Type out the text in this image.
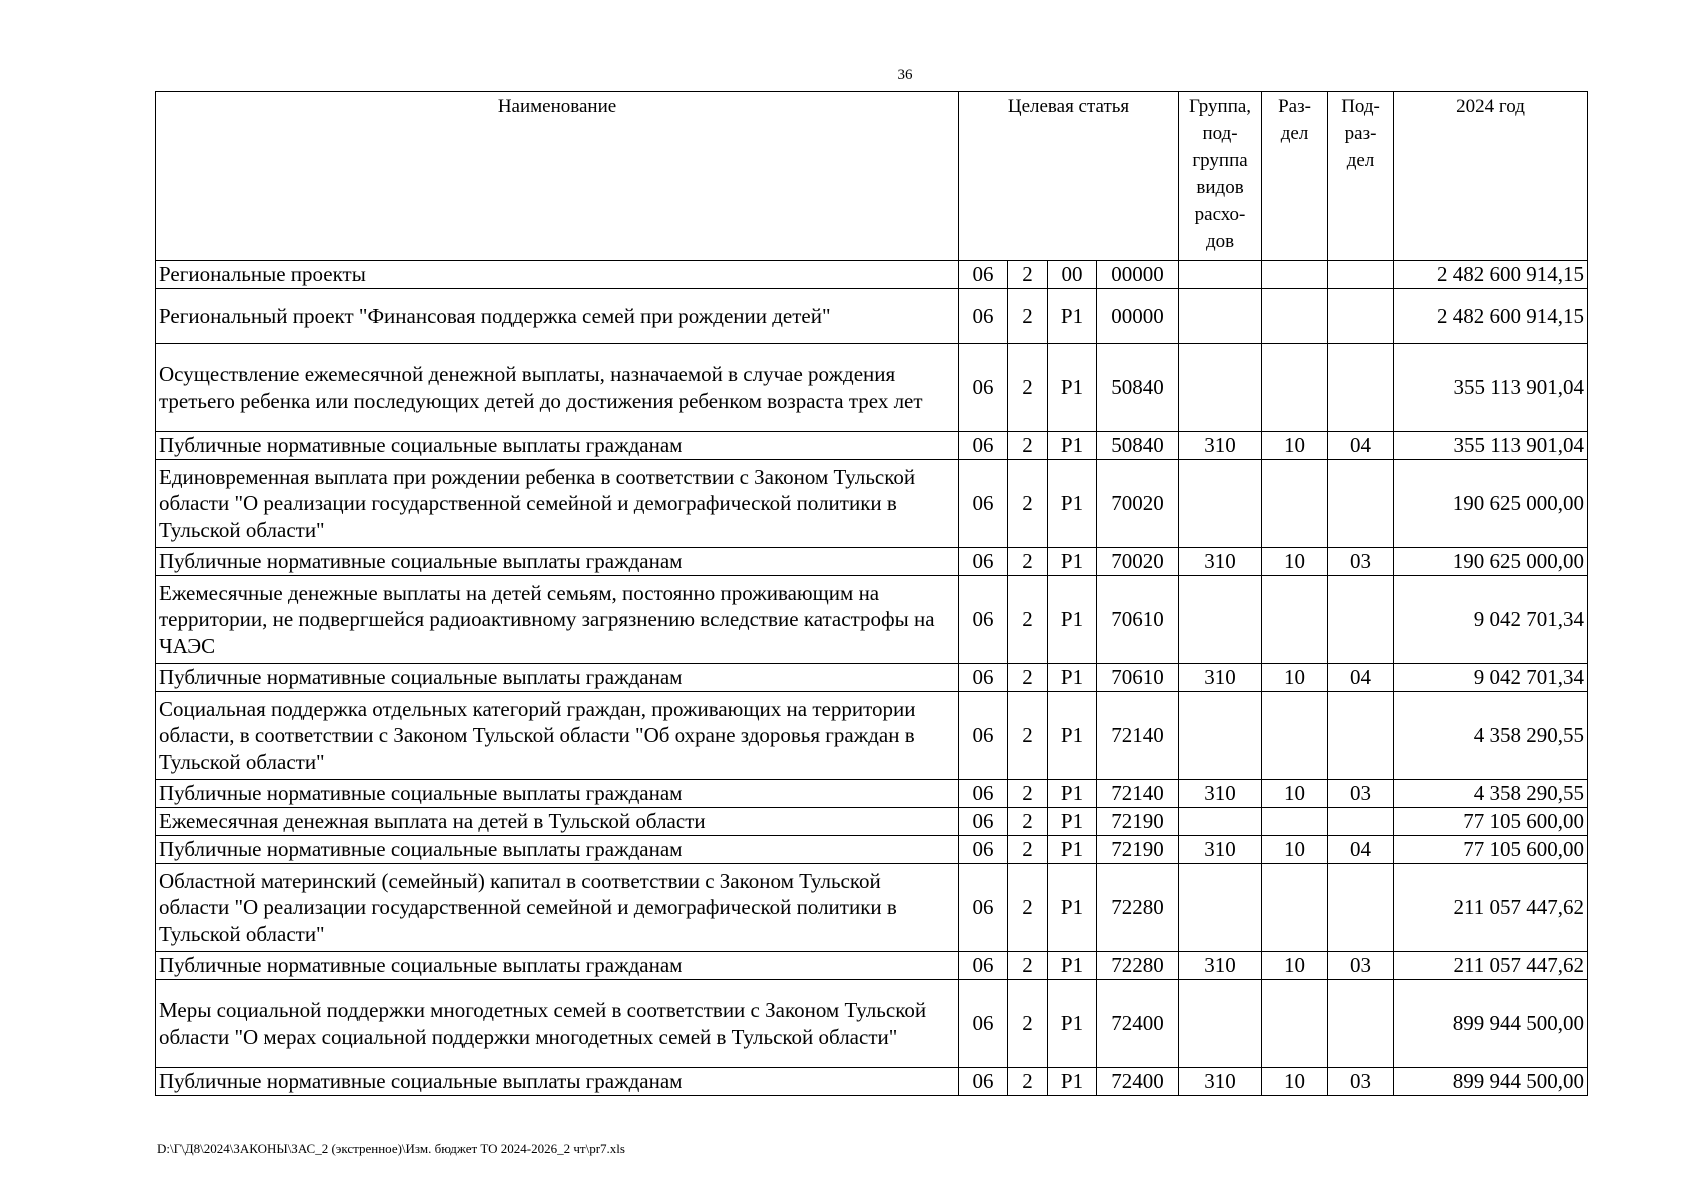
36
Наименование	Целевая статья				Группа, под- группа видов расхо- дов	Раз- дел	Под- раз- дел	2024 год
Региональные проекты	06	2	00	00000				2 482 600 914,15
Региональный проект "Финансовая поддержка семей при рождении детей"	06	2	Р1	00000				2 482 600 914,15
Осуществление ежемесячной денежной выплаты, назначаемой в случае рождения третьего ребенка или последующих детей до достижения ребенком возраста трех лет	06	2	Р1	50840				355 113 901,04
Публичные нормативные социальные выплаты гражданам	06	2	Р1	50840	310	10	04	355 113 901,04
Единовременная выплата при рождении ребенка в соответствии с Законом Тульской области "О реализации государственной семейной и демографической политики в Тульской области"	06	2	Р1	70020				190 625 000,00
Публичные нормативные социальные выплаты гражданам	06	2	Р1	70020	310	10	03	190 625 000,00
Ежемесячные денежные выплаты на детей семьям, постоянно проживающим на территории, не подвергшейся радиоактивному загрязнению вследствие катастрофы на ЧАЭС	06	2	Р1	70610				9 042 701,34
Публичные нормативные социальные выплаты гражданам	06	2	Р1	70610	310	10	04	9 042 701,34
Социальная поддержка отдельных категорий граждан, проживающих на территории области, в соответствии с Законом Тульской области "Об охране здоровья граждан в Тульской области"	06	2	Р1	72140				4 358 290,55
Публичные нормативные социальные выплаты гражданам	06	2	Р1	72140	310	10	03	4 358 290,55
Ежемесячная денежная выплата на детей в Тульской области	06	2	Р1	72190				77 105 600,00
Публичные нормативные социальные выплаты гражданам	06	2	Р1	72190	310	10	04	77 105 600,00
Областной материнский (семейный) капитал в соответствии с Законом Тульской области "О реализации государственной семейной и демографической политики в Тульской области"	06	2	Р1	72280				211 057 447,62
Публичные нормативные социальные выплаты гражданам	06	2	Р1	72280	310	10	03	211 057 447,62
Меры социальной поддержки многодетных семей в соответствии с Законом Тульской области "О мерах социальной поддержки многодетных семей в Тульской области"	06	2	Р1	72400				899 944 500,00
Публичные нормативные социальные выплаты гражданам	06	2	Р1	72400	310	10	03	899 944 500,00
D:\Г\Д8\2024\ЗАКОНЫ\ЗАС_2 (экстренное)\Изм. бюджет ТО 2024-2026_2 чт\pr7.xls
